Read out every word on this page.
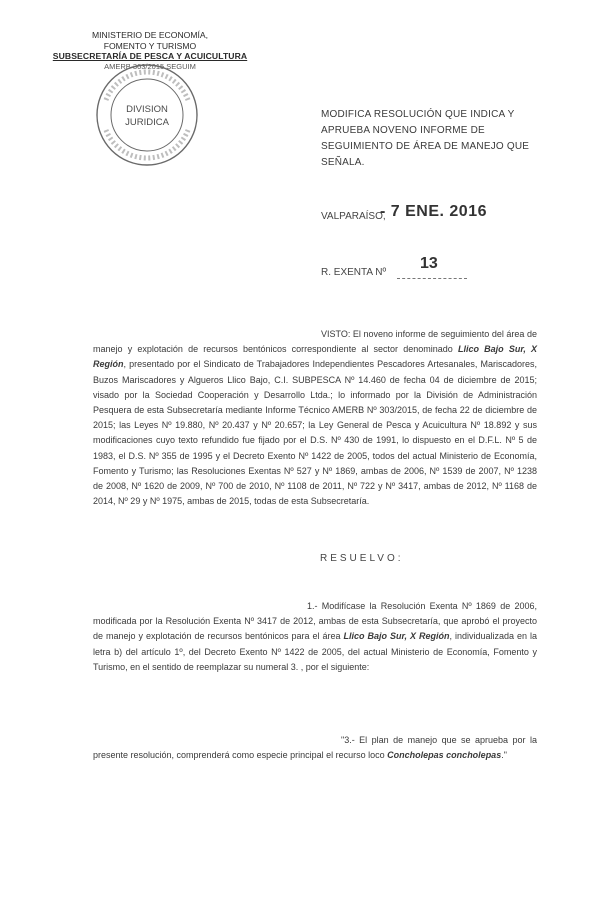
MINISTERIO DE ECONOMÍA,
FOMENTO Y TURISMO
SUBSECRETARÍA DE PESCA Y ACUICULTURA
AMERB 303/2015 SEGUIM
DIVISION
JURIDICA
MODIFICA RESOLUCIÓN QUE INDICA Y APRUEBA NOVENO INFORME DE SEGUIMIENTO DE ÁREA DE MANEJO QUE SEÑALA.
VALPARAÍSO,
- 7 ENE. 2016
R. EXENTA Nº
13
VISTO: El noveno informe de seguimiento del área de manejo y explotación de recursos bentónicos correspondiente al sector denominado Llico Bajo Sur, X Región, presentado por el Sindicato de Trabajadores Independientes Pescadores Artesanales, Mariscadores, Buzos Mariscadores y Algueros Llico Bajo, C.I. SUBPESCA Nº 14.460 de fecha 04 de diciembre de 2015; visado por la Sociedad Cooperación y Desarrollo Ltda.; lo informado por la División de Administración Pesquera de esta Subsecretaría mediante Informe Técnico AMERB Nº 303/2015, de fecha 22 de diciembre de 2015; las Leyes Nº 19.880, Nº 20.437 y Nº 20.657; la Ley General de Pesca y Acuicultura Nº 18.892 y sus modificaciones cuyo texto refundido fue fijado por el D.S. Nº 430 de 1991, lo dispuesto en el D.F.L. Nº 5 de 1983, el D.S. Nº 355 de 1995 y el Decreto Exento Nº 1422 de 2005, todos del actual Ministerio de Economía, Fomento y Turismo; las Resoluciones Exentas Nº 527 y Nº 1869, ambas de 2006, Nº 1539 de 2007, Nº 1238 de 2008, Nº 1620 de 2009, Nº 700 de 2010, Nº 1108 de 2011, Nº 722 y Nº 3417, ambas de 2012, Nº 1168 de 2014, Nº 29 y Nº 1975, ambas de 2015, todas de esta Subsecretaría.
RESUELVO:
1.- Modifícase la Resolución Exenta Nº 1869 de 2006, modificada por la Resolución Exenta Nº 3417 de 2012, ambas de esta Subsecretaría, que aprobó el proyecto de manejo y explotación de recursos bentónicos para el área Llico Bajo Sur, X Región, individualizada en la letra b) del artículo 1º, del Decreto Exento Nº 1422 de 2005, del actual Ministerio de Economía, Fomento y Turismo, en el sentido de reemplazar su numeral 3. , por el siguiente:
"3.- El plan de manejo que se aprueba por la presente resolución, comprenderá como especie principal el recurso loco Concholepas concholepas."
